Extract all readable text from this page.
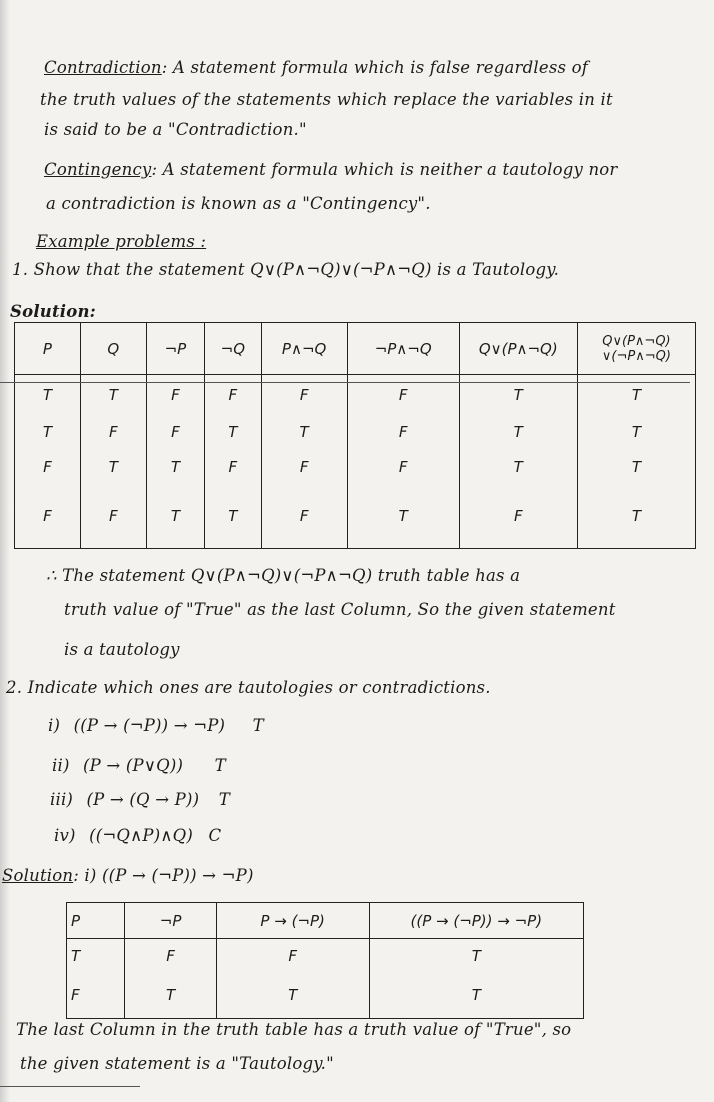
Contradiction: A statement formula which is false regardless of
the truth values of the statements which replace the variables in it
is said to be a "Contradiction."
Contingency: A statement formula which is neither a tautology nor
a contradiction is known as a "Contingency".
Example problems :
1. Show that the statement Q∨(P∧¬Q)∨(¬P∧¬Q) is a Tautology.
Solution:
P	Q	¬P	¬Q	P∧¬Q	¬P∧¬Q	Q∨(P∧¬Q)	Q∨(P∧¬Q) ∨(¬P∧¬Q)
T	T	F	F	F	F	T	T
T	F	F	T	T	F	T	T
F	T	T	F	F	F	T	T
F	F	T	T	F	T	F	T
∴ The statement Q∨(P∧¬Q)∨(¬P∧¬Q) truth table has a
truth value of "True" as the last Column, So the given statement
is a tautology
2. Indicate which ones are tautologies or contradictions.
i) ((P → (¬P)) → ¬P) T
ii) (P → (P∨Q)) T
iii) (P → (Q → P)) T
iv) ((¬Q∧P)∧Q) C
Solution: i) ((P → (¬P)) → ¬P)
P	¬P	P → (¬P)	((P → (¬P)) → ¬P)
T	F	F	T
F	T	T	T
The last Column in the truth table has a truth value of "True", so
the given statement is a "Tautology."
